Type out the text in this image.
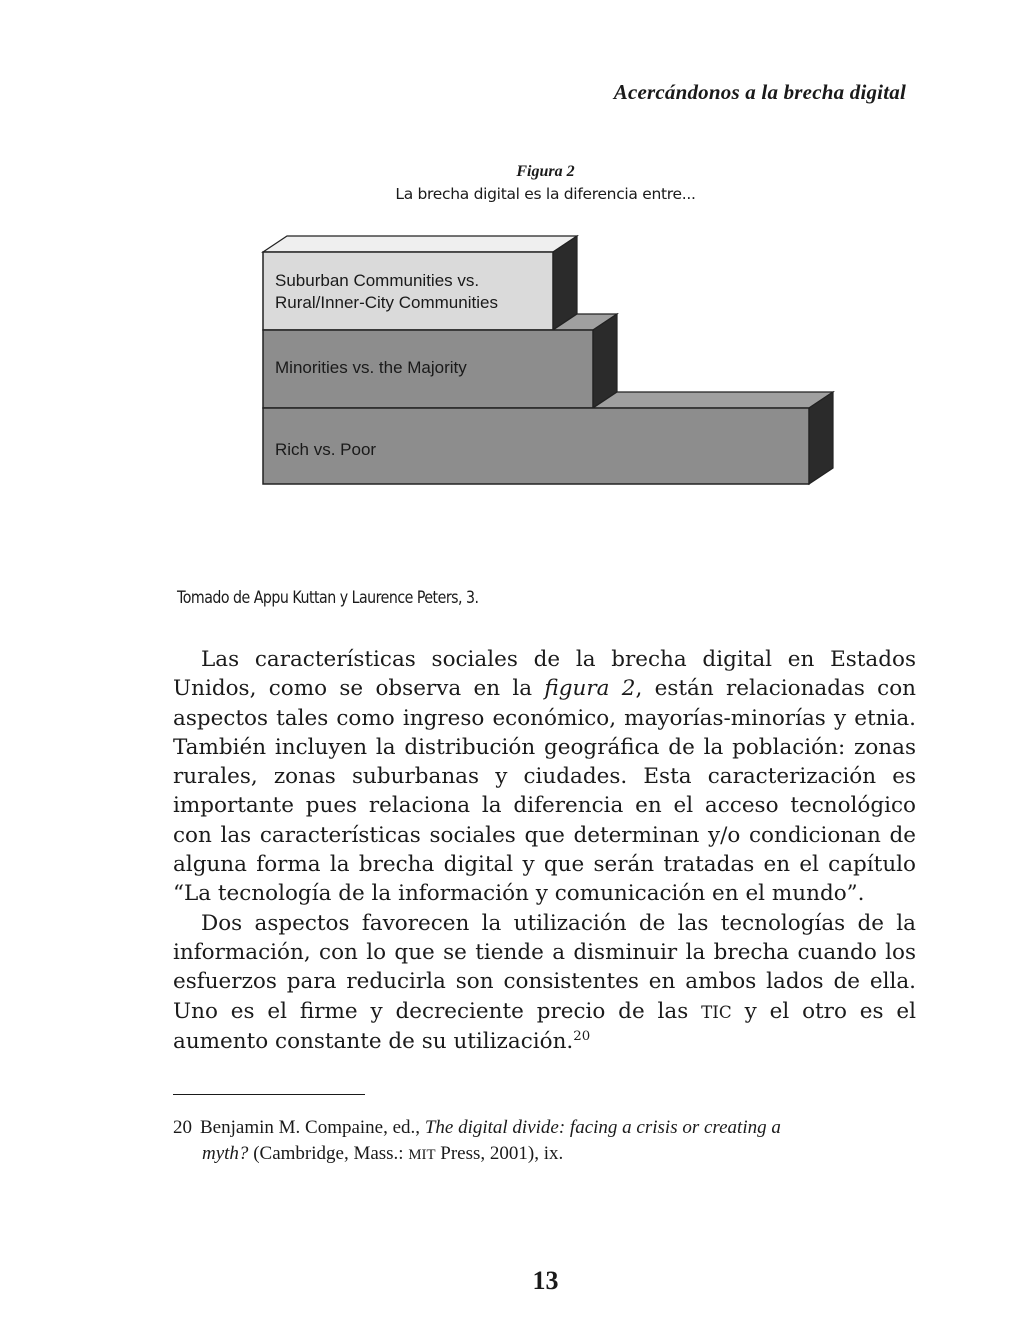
Acercándonos a la brecha digital
Figura 2
La brecha digital es la diferencia entre...
Suburban Communities vs.
Rural/Inner-City Communities
Minorities vs. the Majority
Rich vs. Poor
Tomado de Appu Kuttan y Laurence Peters, 3.

Las características sociales de la brecha digital en Estados Unidos, como se observa en la figura 2, están relacionadas con aspectos tales como ingreso económico, mayorías-minorías y etnia. También incluyen la distribución geográfica de la población: zonas rurales, zonas suburbanas y ciudades. Esta caracterización es importante pues relaciona la diferencia en el acceso tecnológico con las características sociales que determinan y/o condicionan de alguna forma la brecha digital y que serán tratadas en el capítulo “La tecnología de la información y comunicación en el mundo”.

Dos aspectos favorecen la utilización de las tecnologías de la información, con lo que se tiende a disminuir la brecha cuando los esfuerzos para reducirla son consistentes en ambos lados de ella. Uno es el firme y decreciente precio de las TIC y el otro es el aumento constante de su utilización.$^{20}$

20 Benjamin M. Compaine, ed., The digital divide: facing a crisis or creating a
myth? (Cambridge, Mass.: MIT Press, 2001), ix.
13
